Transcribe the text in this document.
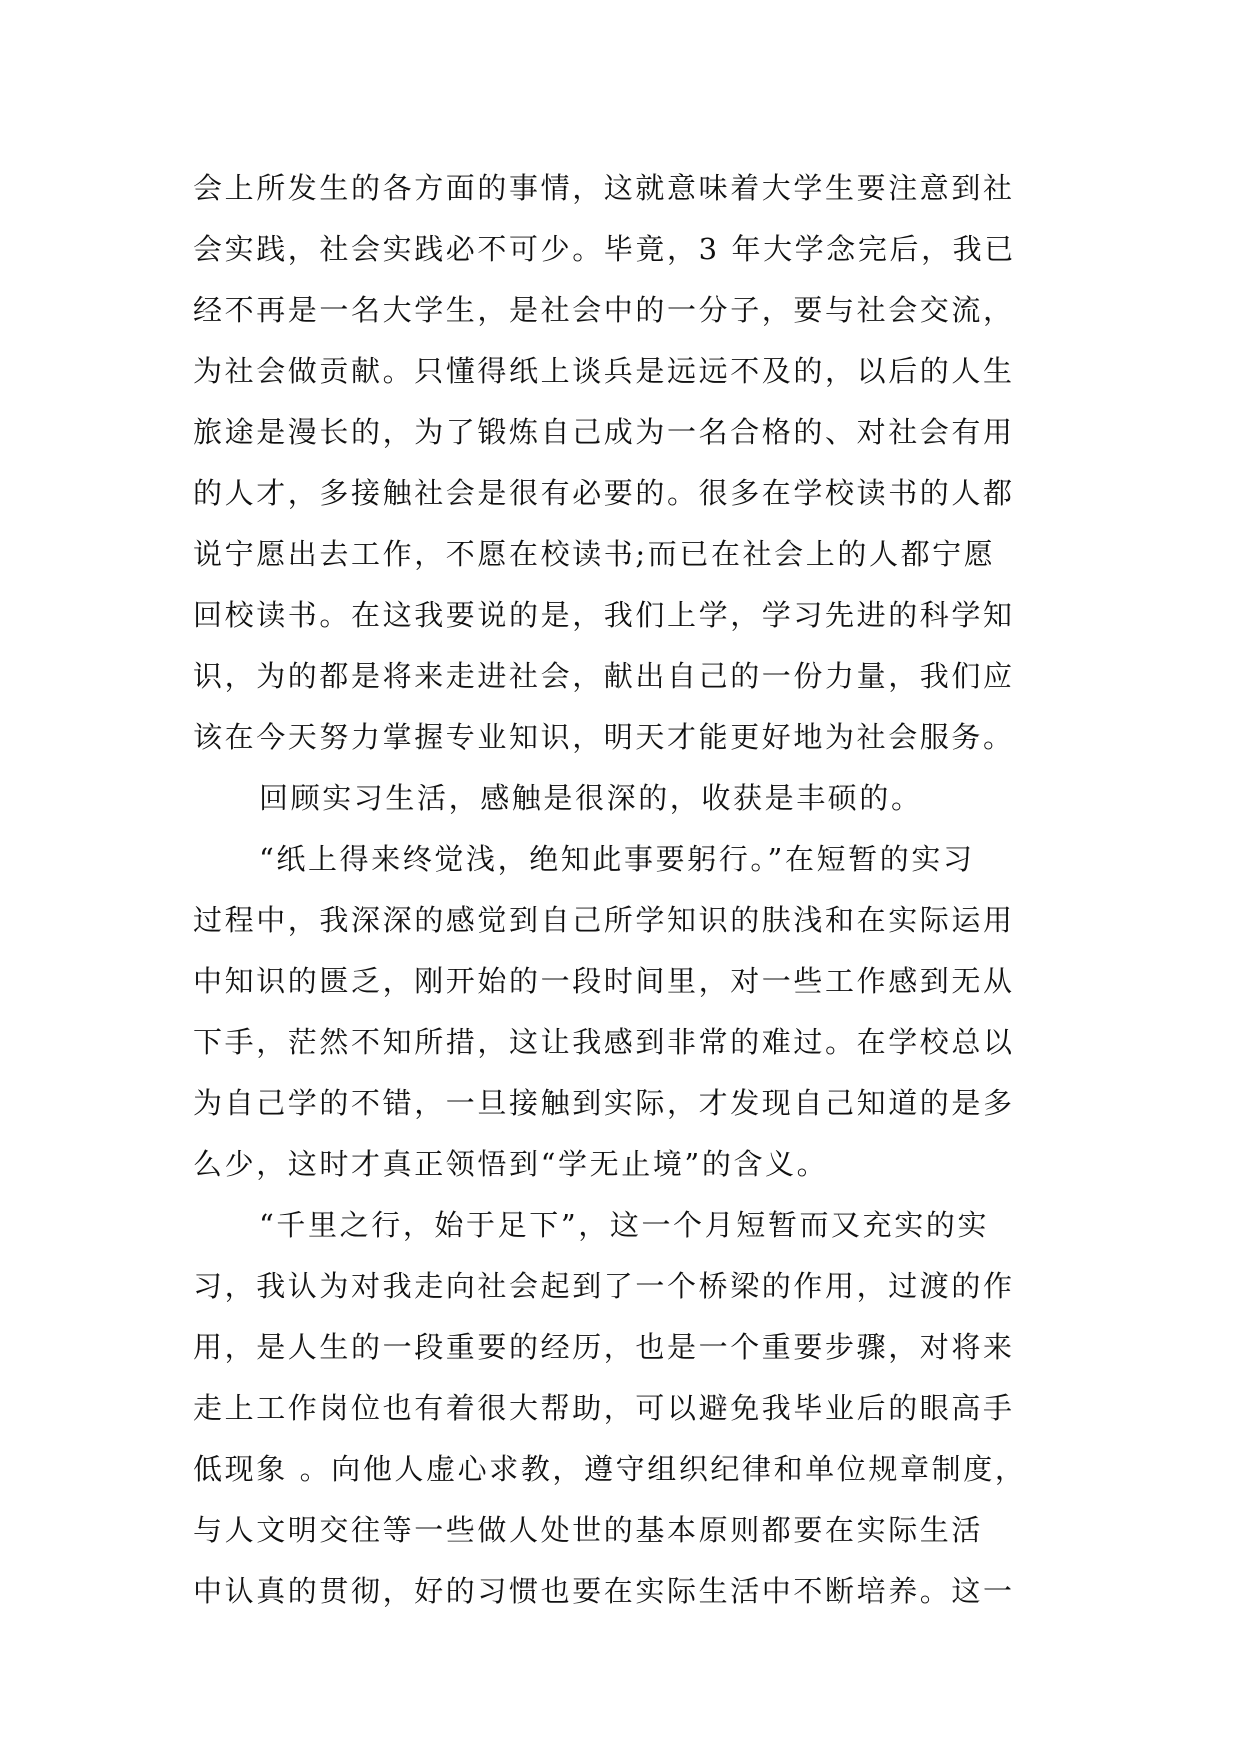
会上所发生的各方面的事情，这就意味着大学生要注意到社
会实践，社会实践必不可少。毕竟，3 年大学念完后，我已
经不再是一名大学生，是社会中的一分子，要与社会交流，
为社会做贡献。只懂得纸上谈兵是远远不及的，以后的人生
旅途是漫长的，为了锻炼自己成为一名合格的、对社会有用
的人才，多接触社会是很有必要的。很多在学校读书的人都
说宁愿出去工作，不愿在校读书;而已在社会上的人都宁愿
回校读书。在这我要说的是，我们上学，学习先进的科学知
识，为的都是将来走进社会，献出自己的一份力量，我们应
该在今天努力掌握专业知识，明天才能更好地为社会服务。
回顾实习生活，感触是很深的，收获是丰硕的。
“纸上得来终觉浅，绝知此事要躬行。”在短暂的实习
过程中，我深深的感觉到自己所学知识的肤浅和在实际运用
中知识的匮乏，刚开始的一段时间里，对一些工作感到无从
下手，茫然不知所措，这让我感到非常的难过。在学校总以
为自己学的不错，一旦接触到实际，才发现自己知道的是多
么少，这时才真正领悟到“学无止境”的含义。
“千里之行，始于足下”，这一个月短暂而又充实的实
习，我认为对我走向社会起到了一个桥梁的作用，过渡的作
用，是人生的一段重要的经历，也是一个重要步骤，对将来
走上工作岗位也有着很大帮助，可以避免我毕业后的眼高手
低现象 。向他人虚心求教，遵守组织纪律和单位规章制度，
与人文明交往等一些做人处世的基本原则都要在实际生活
中认真的贯彻，好的习惯也要在实际生活中不断培养。这一
